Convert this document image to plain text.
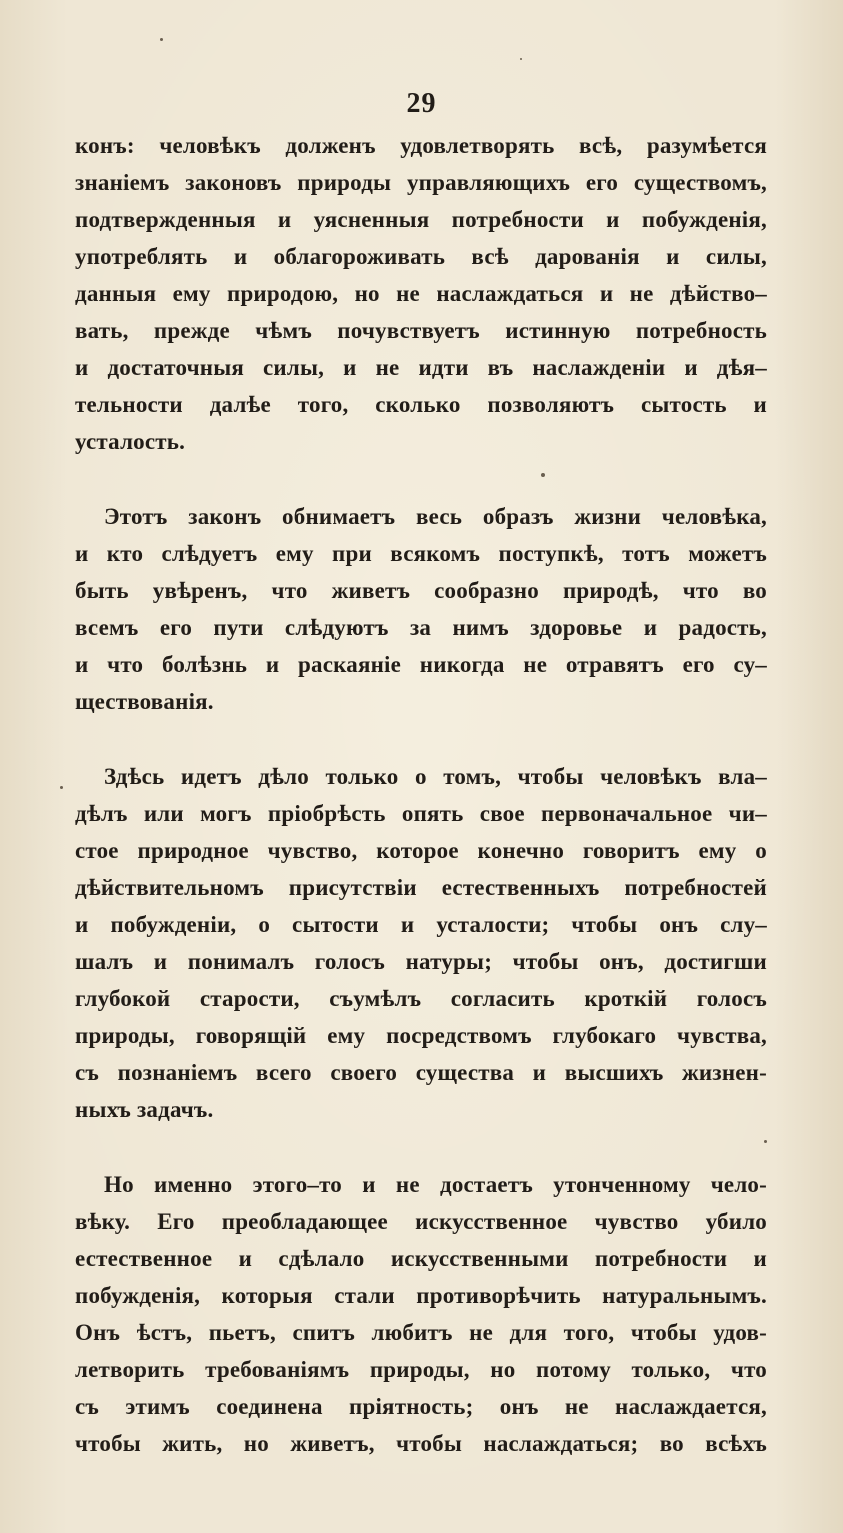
29
конъ: человѣкъ долженъ удовлетворять всѣ, разумѣется
знаніемъ законовъ природы управляющихъ его существомъ,
подтвержденныя и уясненныя потребности и побужденія,
употреблять и облагороживать всѣ дарованія и силы,
данныя ему природою, но не наслаждаться и не дѣйство–
вать, прежде чѣмъ почувствуетъ истинную потребность
и достаточныя силы, и не идти въ наслажденіи и дѣя–
тельности далѣе того, сколько позволяютъ сытость и
усталость.
Этотъ законъ обнимаетъ весь образъ жизни человѣка,
и кто слѣдуетъ ему при всякомъ поступкѣ, тотъ можетъ
быть увѣренъ, что живетъ сообразно природѣ, что во
всемъ его пути слѣдуютъ за нимъ здоровье и радость,
и что болѣзнь и раскаяніе никогда не отравятъ его су–
ществованія.
Здѣсь идетъ дѣло только о томъ, чтобы человѣкъ вла–
дѣлъ или могъ пріобрѣсть опять свое первоначальное чи–
стое природное чувство, которое конечно говоритъ ему о
дѣйствительномъ присутствіи естественныхъ потребностей
и побужденіи, о сытости и усталости; чтобы онъ слу–
шалъ и понималъ голосъ натуры; чтобы онъ, достигши
глубокой старости, съумѣлъ согласить кроткій голосъ
природы, говорящій ему посредствомъ глубокаго чувства,
съ познаніемъ всего своего существа и высшихъ жизнен-
ныхъ задачъ.
Но именно этого–то и не достаетъ утонченному чело-
вѣку. Его преобладающее искусственное чувство убило
естественное и сдѣлало искусственными потребности и
побужденія, которыя стали противорѣчить натуральнымъ.
Онъ ѣстъ, пьетъ, спитъ любитъ не для того, чтобы удов-
летворить требованіямъ природы, но потому только, что
съ этимъ соединена пріятность; онъ не наслаждается,
чтобы жить, но живетъ, чтобы наслаждаться; во всѣхъ
